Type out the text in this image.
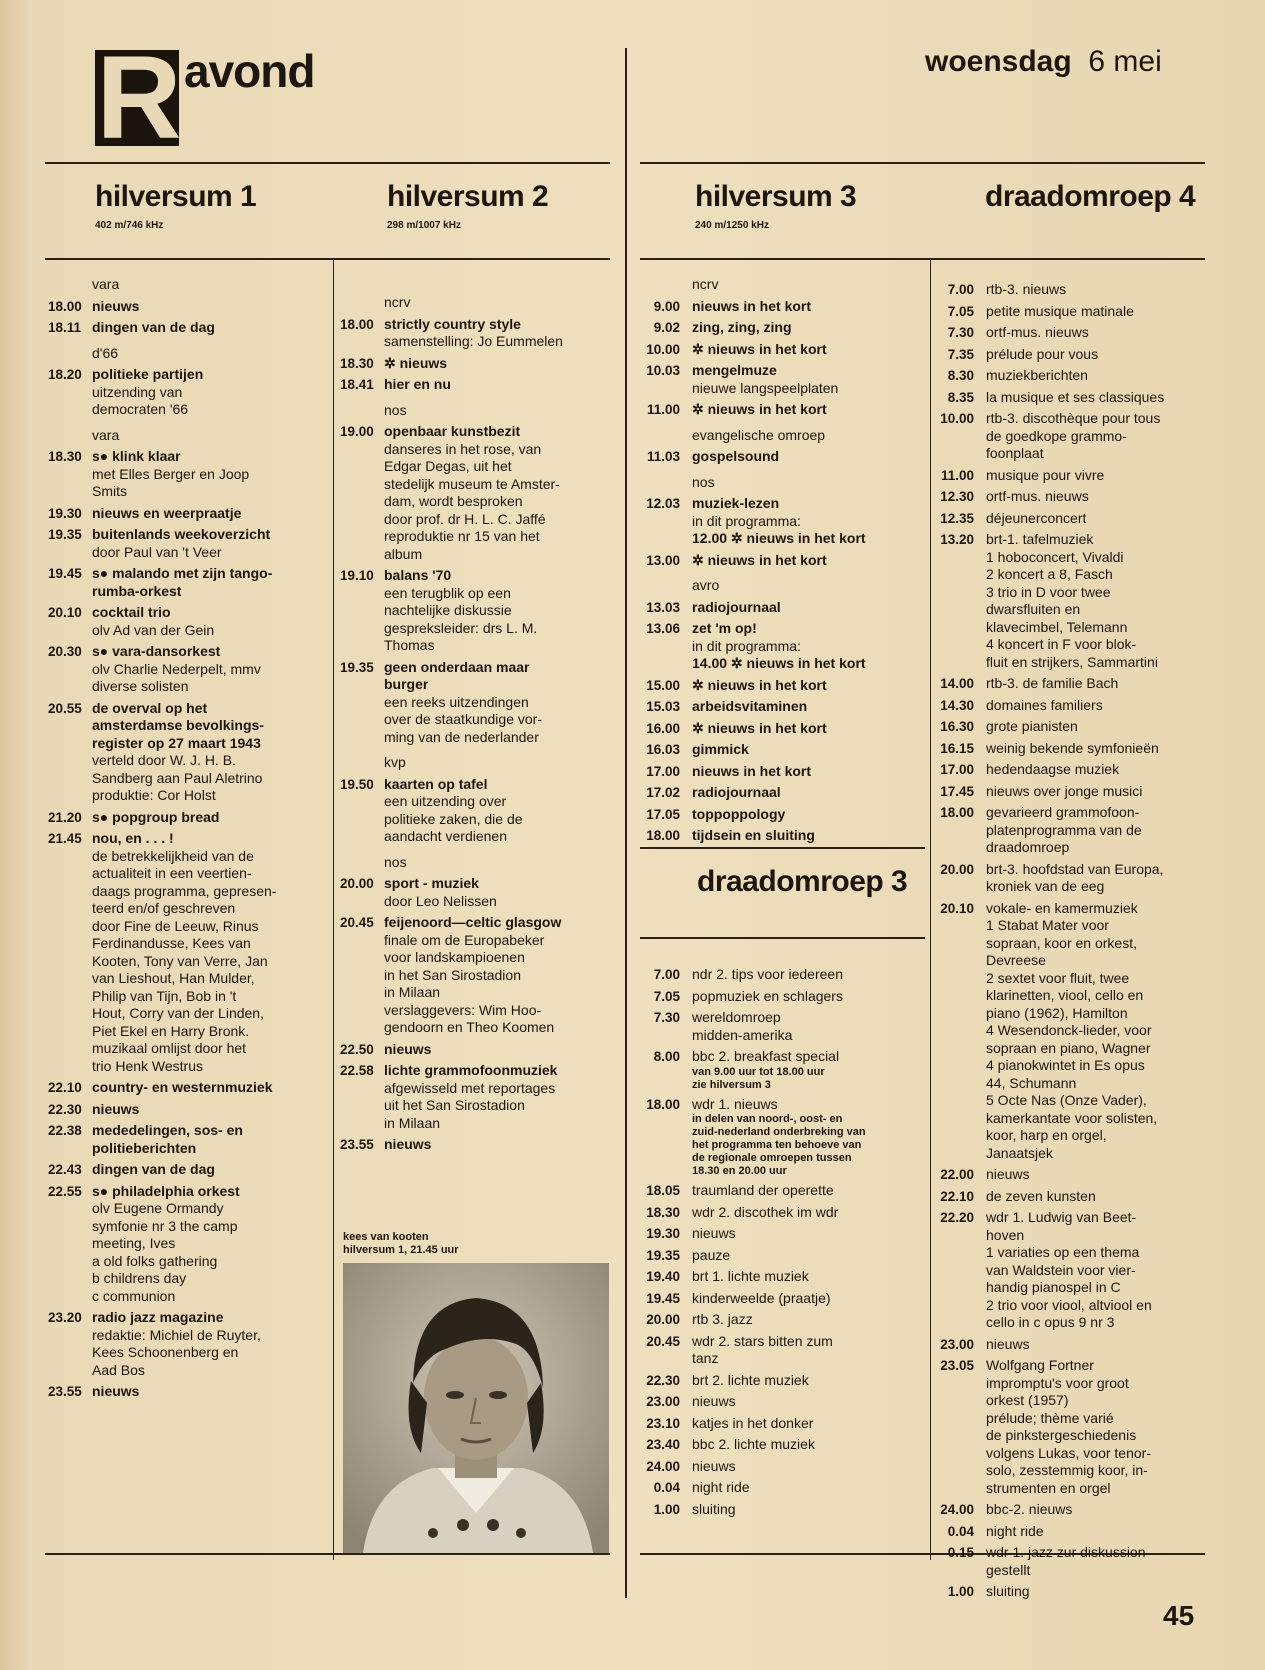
R avond	woensdag 6 mei
hilversum 1
402 m/746 kHz
hilversum 2
298 m/1007 kHz
hilversum 3
240 m/1250 kHz
draadomroep 4
draadomroep 3
vara
18.00 nieuws
18.11 dingen van de dag
d'66
18.20 politieke partijen
uitzending van
democraten '66
vara
18.30 s● klink klaar
met Elles Berger en Joop
Smits
19.30 nieuws en weerpraatje
19.35 buitenlands weekoverzicht
door Paul van 't Veer
19.45 s● malando met zijn tango-
rumba-orkest
20.10 cocktail trio
olv Ad van der Gein
20.30 s● vara-dansorkest
olv Charlie Nederpelt, mmv
diverse solisten
20.55 de overval op het
amsterdamse bevolkings-
register op 27 maart 1943
verteld door W. J. H. B.
Sandberg aan Paul Aletrino
produktie: Cor Holst
21.20 s● popgroup bread
21.45 nou, en . . . !
de betrekkelijkheid van de
actualiteit in een veertien-
daags programma, gepresen-
teerd en/of geschreven
door Fine de Leeuw, Rinus
Ferdinandusse, Kees van
Kooten, Tony van Verre, Jan
van Lieshout, Han Mulder,
Philip van Tijn, Bob in 't
Hout, Corry van der Linden,
Piet Ekel en Harry Bronk.
muzikaal omlijst door het
trio Henk Westrus
22.10 country- en westernmuziek
22.30 nieuws
22.38 mededelingen, sos- en
politieberichten
22.43 dingen van de dag
22.55 s● philadelphia orkest
olv Eugene Ormandy
symfonie nr 3 the camp
meeting, Ives
a old folks gathering
b childrens day
c communion
23.20 radio jazz magazine
redaktie: Michiel de Ruyter,
Kees Schoonenberg en
Aad Bos
23.55 nieuws
ncrv
18.00 strictly country style
samenstelling: Jo Eummelen
18.30 ✲ nieuws
18.41 hier en nu
nos
19.00 openbaar kunstbezit
danseres in het rose, van
Edgar Degas, uit het
stedelijk museum te Amster-
dam, wordt besproken
door prof. dr H. L. C. Jaffé
reproduktie nr 15 van het
album
19.10 balans '70
een terugblik op een
nachtelijke diskussie
gespreksleider: drs L. M.
Thomas
19.35 geen onderdaan maar
burger
een reeks uitzendingen
over de staatkundige vor-
ming van de nederlander
kvp
19.50 kaarten op tafel
een uitzending over
politieke zaken, die de
aandacht verdienen
nos
20.00 sport - muziek
door Leo Nelissen
20.45 feijenoord—celtic glasgow
finale om de Europabeker
voor landskampioenen
in het San Sirostadion
in Milaan
verslaggevers: Wim Hoo-
gendoorn en Theo Koomen
22.50 nieuws
22.58 lichte grammofoonmuziek
afgewisseld met reportages
uit het San Sirostadion
in Milaan
23.55 nieuws
ncrv
9.00 nieuws in het kort
9.02 zing, zing, zing
10.00 ✲ nieuws in het kort
10.03 mengelmuze
nieuwe langspeelplaten
11.00 ✲ nieuws in het kort
evangelische omroep
11.03 gospelsound
nos
12.03 muziek-lezen
in dit programma:
12.00 ✲ nieuws in het kort
13.00 ✲ nieuws in het kort
avro
13.03 radiojournaal
13.06 zet 'm op!
in dit programma:
14.00 ✲ nieuws in het kort
15.00 ✲ nieuws in het kort
15.03 arbeidsvitaminen
16.00 ✲ nieuws in het kort
16.03 gimmick
17.00 nieuws in het kort
17.02 radiojournaal
17.05 toppoppology
18.00 tijdsein en sluiting
7.00 ndr 2. tips voor iedereen
7.05 popmuziek en schlagers
7.30 wereldomroep
midden-amerika
8.00 bbc 2. breakfast special
van 9.00 uur tot 18.00 uur
zie hilversum 3
18.00 wdr 1. nieuws
in delen van noord-, oost- en
zuid-nederland onderbreking van
het programma ten behoeve van
de regionale omroepen tussen
18.30 en 20.00 uur
18.05 traumland der operette
18.30 wdr 2. discothek im wdr
19.30 nieuws
19.35 pauze
19.40 brt 1. lichte muziek
19.45 kinderweelde (praatje)
20.00 rtb 3. jazz
20.45 wdr 2. stars bitten zum
tanz
22.30 brt 2. lichte muziek
23.00 nieuws
23.10 katjes in het donker
23.40 bbc 2. lichte muziek
24.00 nieuws
0.04 night ride
1.00 sluiting
7.00 rtb-3. nieuws
7.05 petite musique matinale
7.30 ortf-mus. nieuws
7.35 prélude pour vous
8.30 muziekberichten
8.35 la musique et ses classiques
10.00 rtb-3. discothèque pour tous
de goedkope grammo-
foonplaat
11.00 musique pour vivre
12.30 ortf-mus. nieuws
12.35 déjeunerconcert
13.20 brt-1. tafelmuziek
1 hoboconcert, Vivaldi
2 koncert a 8, Fasch
3 trio in D voor twee
dwarsfluiten en
klavecimbel, Telemann
4 koncert in F voor blok-
fluit en strijkers, Sammartini
14.00 rtb-3. de familie Bach
14.30 domaines familiers
16.30 grote pianisten
16.15 weinig bekende symfonieën
17.00 hedendaagse muziek
17.45 nieuws over jonge musici
18.00 gevarieerd grammofoon-
platenprogramma van de
draadomroep
20.00 brt-3. hoofdstad van Europa,
kroniek van de eeg
20.10 vokale- en kamermuziek
1 Stabat Mater voor
sopraan, koor en orkest,
Devreese
2 sextet voor fluit, twee
klarinetten, viool, cello en
piano (1962), Hamilton
4 Wesendonck-lieder, voor
sopraan en piano, Wagner
4 pianokwintet in Es opus
44, Schumann
5 Octe Nas (Onze Vader),
kamerkantate voor solisten,
koor, harp en orgel,
Janaatsjek
22.00 nieuws
22.10 de zeven kunsten
22.20 wdr 1. Ludwig van Beet-
hoven
1 variaties op een thema
van Waldstein voor vier-
handig pianospel in C
2 trio voor viool, altviool en
cello in c opus 9 nr 3
23.00 nieuws
23.05 Wolfgang Fortner
impromptu's voor groot
orkest (1957)
prélude; thème varié
de pinkstergeschiedenis
volgens Lukas, voor tenor-
solo, zesstemmig koor, in-
strumenten en orgel
24.00 bbc-2. nieuws
0.04 night ride
0.15 wdr 1. jazz zur diskussion
gestellt
1.00 sluiting
kees van kooten
hilversum 1, 21.45 uur
45
